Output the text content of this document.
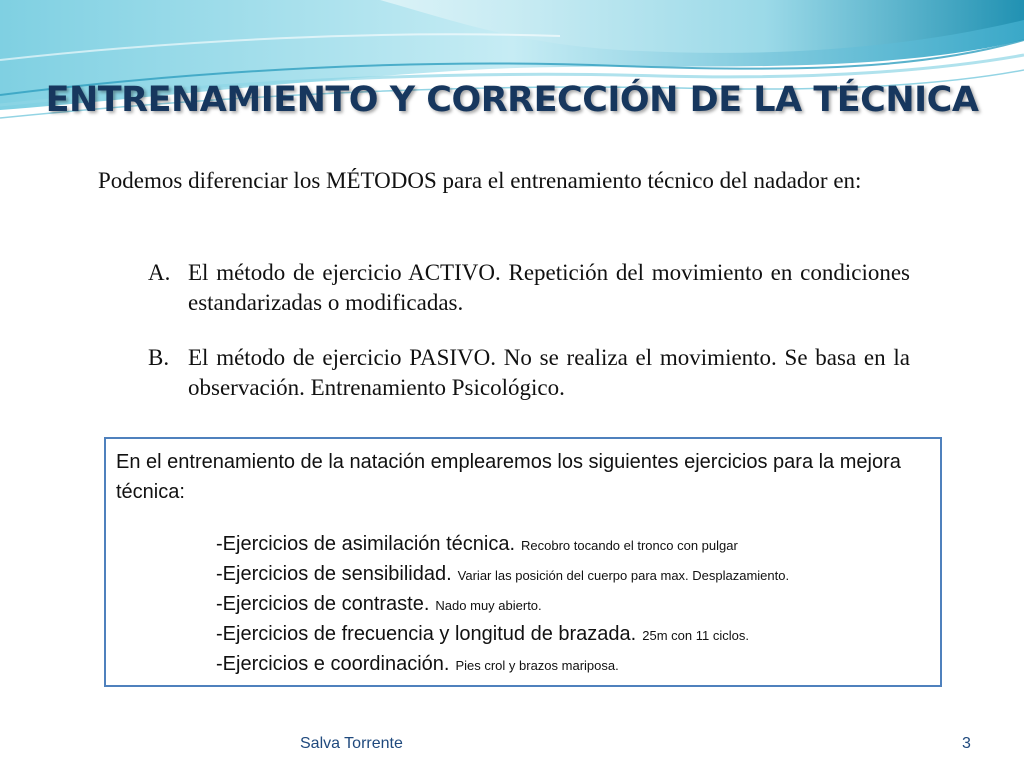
ENTRENAMIENTO Y CORRECCIÓN DE LA TÉCNICA
Podemos diferenciar los MÉTODOS para el entrenamiento técnico del nadador en:
A. El método de ejercicio ACTIVO. Repetición del movimiento en condiciones estandarizadas o modificadas.
B. El método de ejercicio PASIVO. No se realiza el movimiento. Se basa en la observación. Entrenamiento Psicológico.
En el entrenamiento de la natación emplearemos los siguientes ejercicios para la mejora técnica:
-Ejercicios de asimilación técnica. Recobro tocando el tronco con pulgar
-Ejercicios de sensibilidad. Variar las posición del cuerpo para max. Desplazamiento.
-Ejercicios de contraste. Nado muy abierto.
-Ejercicios de frecuencia y longitud de brazada. 25m con 11 ciclos.
-Ejercicios e coordinación. Pies crol y brazos mariposa.
Salva Torrente	3
